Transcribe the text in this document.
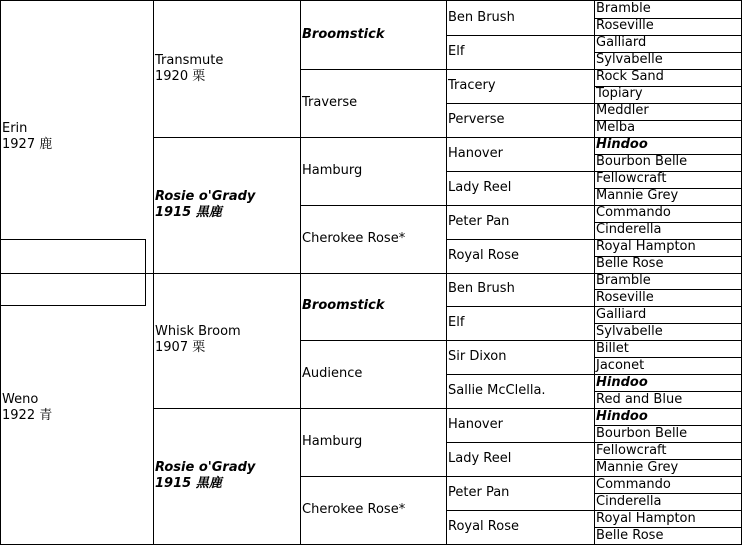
Erin
1927 鹿
Weno
1922 青
Transmute
1920 栗
Rosie o'Grady
1915 黒鹿
Whisk Broom
1907 栗
Rosie o'Grady
1915 黒鹿
Broomstick
Traverse
Hamburg
Cherokee Rose*
Broomstick
Audience
Hamburg
Cherokee Rose*
Ben Brush
Elf
Tracery
Perverse
Hanover
Lady Reel
Peter Pan
Royal Rose
Ben Brush
Elf
Sir Dixon
Sallie McClella.
Hanover
Lady Reel
Peter Pan
Royal Rose
Bramble
Roseville
Galliard
Sylvabelle
Rock Sand
Topiary
Meddler
Melba
Hindoo
Bourbon Belle
Fellowcraft
Mannie Grey
Commando
Cinderella
Royal Hampton
Belle Rose
Bramble
Roseville
Galliard
Sylvabelle
Billet
Jaconet
Hindoo
Red and Blue
Hindoo
Bourbon Belle
Fellowcraft
Mannie Grey
Commando
Cinderella
Royal Hampton
Belle Rose
